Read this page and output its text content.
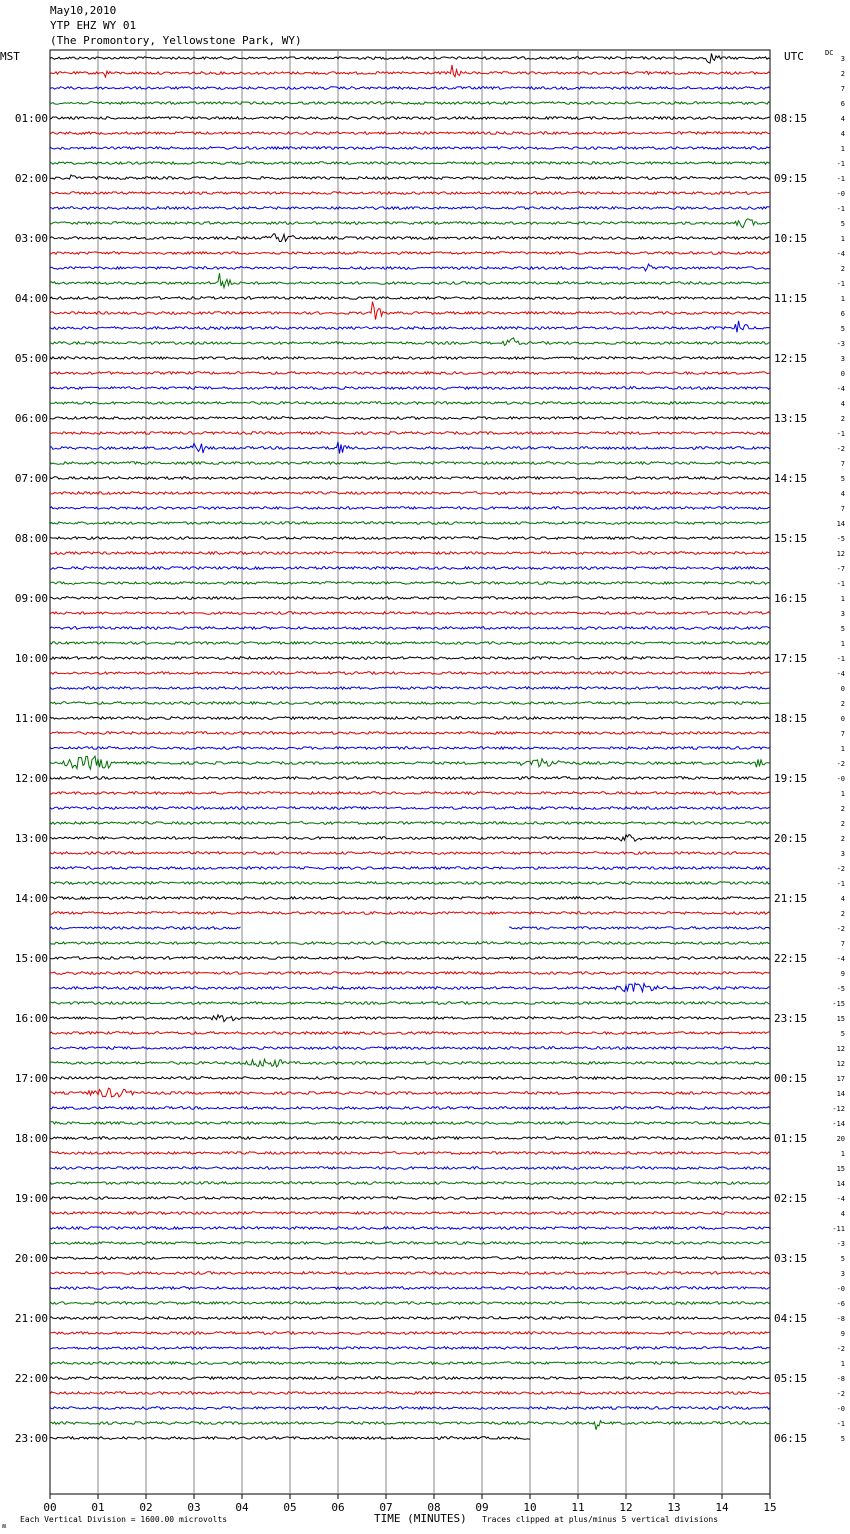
00	01	02	03	04	05	06	07	08	09	10	11	12	13	14	15
3
2
7
6
4
4
1
-1
-1
-0
-1
5
1
-4
2
-1
1
6
5
-3
3
0
-4
4
2
-1
-2
7
5
4
7
14
-5
12
-7
-1
1
3
5
1
-1
-4
0
2
0
7
1
-2
-0
1
2
2
2
3
-2
-1
4
2
-2
7
-4
9
-5
-15
15
5
12
12
17
14
-12
-14
20
1
15
14
-4
4
-11
-3
5
3
-0
-6
-8
9
-2
1
-8
-2
-0
-1
5
01:00
02:00
03:00
04:00
05:00
06:00
07:00
08:00
09:00
10:00
11:00
12:00
13:00
14:00
15:00
16:00
17:00
18:00
19:00
20:00
21:00
22:00
23:00
08:15
09:15
10:15
11:15
12:15
13:15
14:15
15:15
16:15
17:15
18:15
19:15
20:15
21:15
22:15
23:15
00:15
01:15
02:15
03:15
04:15
05:15
06:15
ʍ
May10,2010
YTP EHZ WY 01
(The Promontory, Yellowstone Park, WY)
MST	UTC	DC
Each Vertical Division = 1600.00 microvolts	TIME (MINUTES) Traces clipped at plus/minus 5 vertical divisions
